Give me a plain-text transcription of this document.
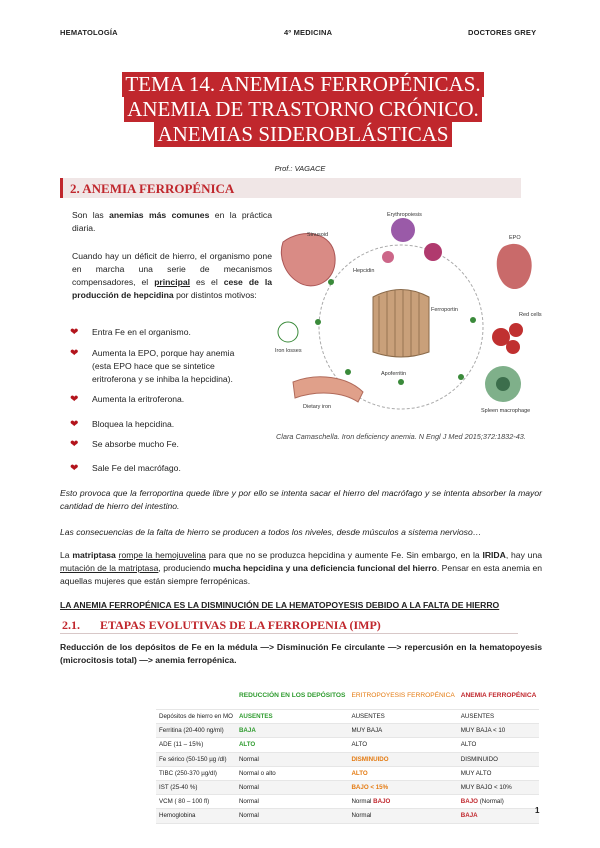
HEMATOLOGÍA	4º MEDICINA	DOCTORES GREY
TEMA 14. ANEMIAS FERROPÉNICAS.
ANEMIA DE TRASTORNO CRÓNICO.
ANEMIAS SIDEROBLÁSTICAS
Prof.: VAGACE
2. ANEMIA FERROPÉNICA
Son las anemias más comunes en la práctica diaria.
Cuando hay un déficit de hierro, el organismo pone en marcha una serie de mecanismos compensadores, el principal es el cese de la producción de hepcidina por distintos motivos:
❤ Entra Fe en el organismo.
❤ Aumenta la EPO, porque hay anemia
(esta EPO hace que se sintetice
eritroferona y se inhiba la hepcidina).
❤ Aumenta la eritroferona.
❤ Bloquea la hepcidina.
❤ Se absorbe mucho Fe.
❤ Sale Fe del macrófago.
Erythropoiesis
EPO
Sinusoid
Ferroportin
Hepcidin
Apoferritin
Dietary iron
Spleen macrophage
Red cells
Iron losses
Clara Camaschella. Iron deficiency anemia. N Engl J Med 2015;372:1832-43.
Esto provoca que la ferroportina quede libre y por ello se intenta sacar el hierro del macrófago y se intenta absorber la mayor cantidad de hierro del intestino.
Las consecuencias de la falta de hierro se producen a todos los niveles, desde músculos a sistema nervioso…
La matriptasa rompe la hemojuvelina para que no se produzca hepcidina y aumente Fe. Sin embargo, en la IRIDA, hay una mutación de la matriptasa, produciendo mucha hepcidina y una deficiencia funcional del hierro. Pensar en esta anemia en aquellas mujeres que están siempre ferropénicas.
LA ANEMIA FERROPÉNICA ES LA DISMINUCIÓN DE LA HEMATOPOYESIS DEBIDO A LA FALTA DE HIERRO
2.1. ETAPAS EVOLUTIVAS DE LA FERROPENIA (IMP)
Reducción de los depósitos de Fe en la médula —> Disminución Fe circulante —> repercusión en la hematopoyesis (microcitosis total) —> anemia ferropénica.
	REDUCCIÓN EN LOS DEPÓSITOS	ERITROPOYESIS FERROPÉNICA	ANEMIA FERROPÉNICA
Depósitos de hierro en MO	AUSENTES	AUSENTES	AUSENTES
Ferritina (20-400 ng/ml)	BAJA	MUY BAJA	MUY BAJA < 10
ADE (11 – 15%)	ALTO	ALTO	ALTO
Fe sérico (50-150 µg /dl)	Normal	DISMINUIDO	DISMINUIDO
TIBC (250-370 µg/dl)	Normal o alto	ALTO	MUY ALTO
IST (25-40 %)	Normal	BAJO < 15%	MUY BAJO < 10%
VCM ( 80 – 100 fl)	Normal	Normal BAJO	BAJO (Normal)
Hemoglobina	Normal	Normal	BAJA
1
